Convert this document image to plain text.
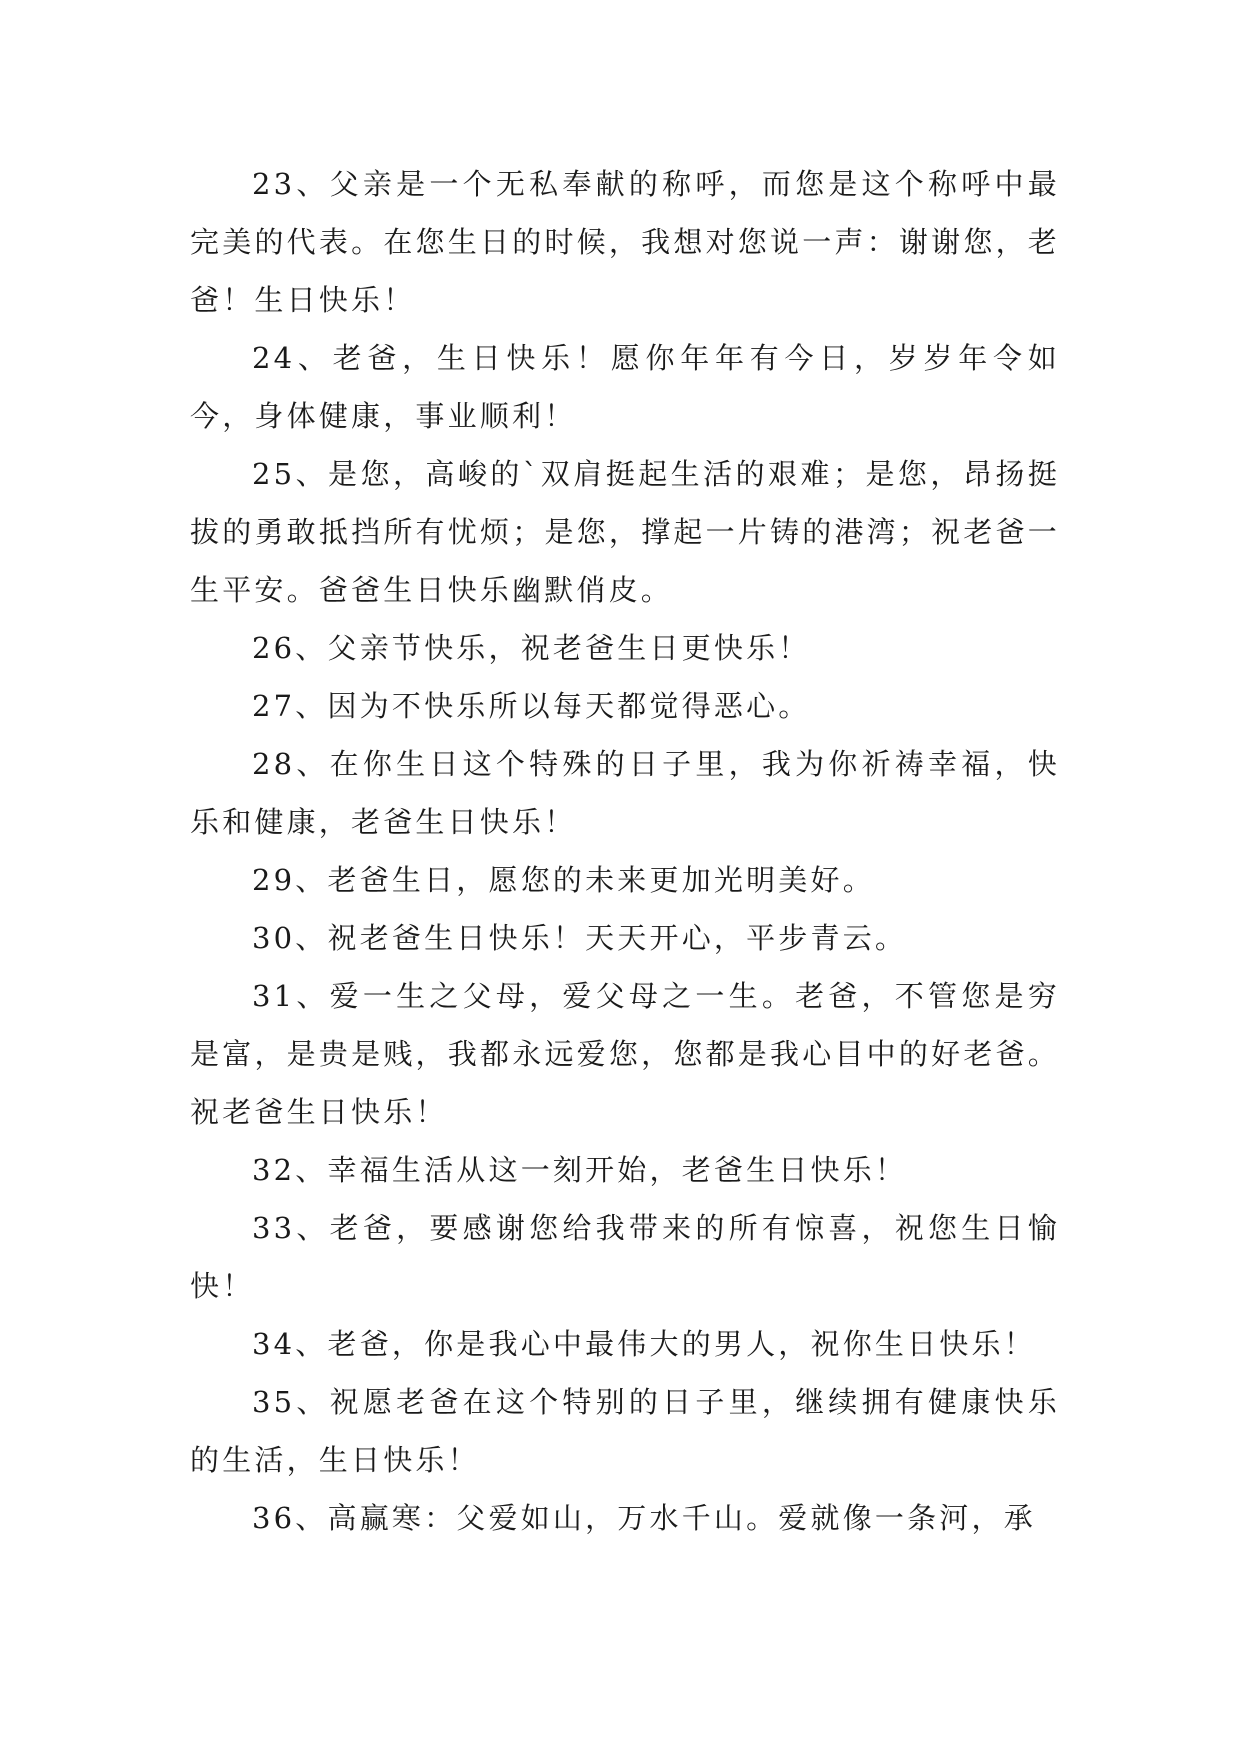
23、父亲是一个无私奉献的称呼，而您是这个称呼中最完美的代表。在您生日的时候，我想对您说一声：谢谢您，老爸！生日快乐！

24、老爸，生日快乐！愿你年年有今日，岁岁年令如今，身体健康，事业顺利！

25、是您，高峻的`双肩挺起生活的艰难；是您，昂扬挺拔的勇敢抵挡所有忧烦；是您，撑起一片铸的港湾；祝老爸一生平安。爸爸生日快乐幽默俏皮。

26、父亲节快乐，祝老爸生日更快乐！

27、因为不快乐所以每天都觉得恶心。

28、在你生日这个特殊的日子里，我为你祈祷幸福，快乐和健康，老爸生日快乐！

29、老爸生日，愿您的未来更加光明美好。

30、祝老爸生日快乐！天天开心，平步青云。

31、爱一生之父母，爱父母之一生。老爸，不管您是穷是富，是贵是贱，我都永远爱您，您都是我心目中的好老爸。祝老爸生日快乐！

32、幸福生活从这一刻开始，老爸生日快乐！

33、老爸，要感谢您给我带来的所有惊喜，祝您生日愉快！

34、老爸，你是我心中最伟大的男人，祝你生日快乐！

35、祝愿老爸在这个特别的日子里，继续拥有健康快乐的生活，生日快乐！

36、高赢寒：父爱如山，万水千山。爱就像一条河，承
